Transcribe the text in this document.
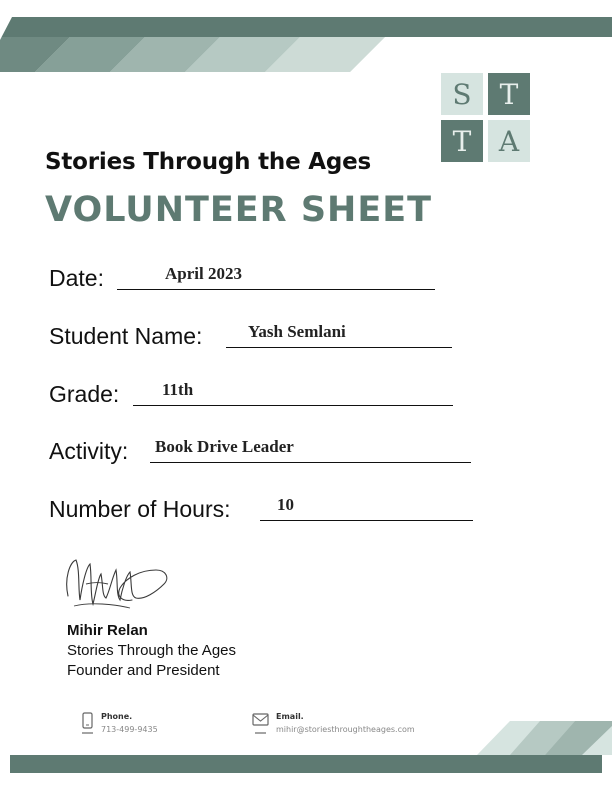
S	T
T A
Stories Through the Ages
VOLUNTEER SHEET
Date:	April 2023
Student Name:	Yash Semlani
Grade:	11th
Activity: Book Drive Leader
Number of Hours:	10
Mihir Relan
Stories Through the Ages
Founder and President
Phone.
713-499-9435
Email.
mihir@storiesthroughtheages.com
